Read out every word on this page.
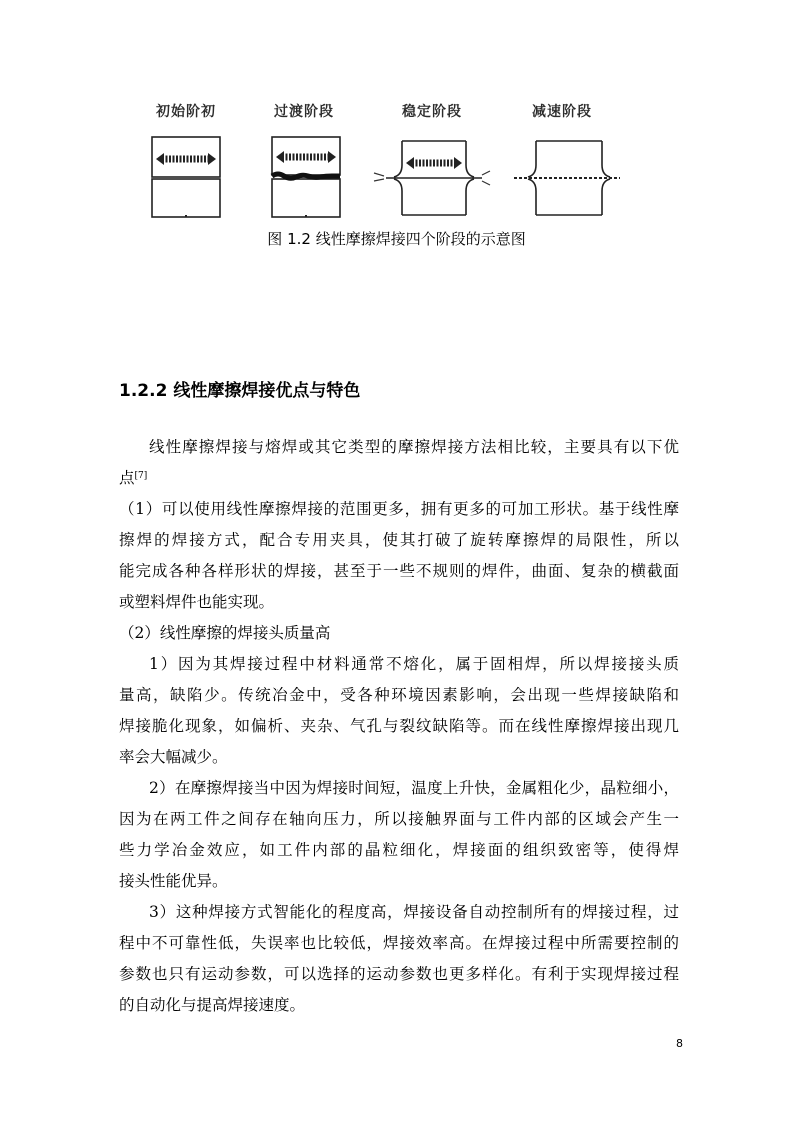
初始阶初	过渡阶段	稳定阶段	减速阶段
图 1.2 线性摩擦焊接四个阶段的示意图
1.2.2 线性摩擦焊接优点与特色
线性摩擦焊接与熔焊或其它类型的摩擦焊接方法相比较，主要具有以下优
点[7]
（1）可以使用线性摩擦焊接的范围更多，拥有更多的可加工形状。基于线性摩
擦焊的焊接方式，配合专用夹具，使其打破了旋转摩擦焊的局限性，所以
能完成各种各样形状的焊接，甚至于一些不规则的焊件，曲面、复杂的横截面
或塑料焊件也能实现。
（2）线性摩擦的焊接头质量高
1）因为其焊接过程中材料通常不熔化，属于固相焊，所以焊接接头质
量高，缺陷少。传统冶金中，受各种环境因素影响，会出现一些焊接缺陷和
焊接脆化现象，如偏析、夹杂、气孔与裂纹缺陷等。而在线性摩擦焊接出现几
率会大幅减少。
2）在摩擦焊接当中因为焊接时间短，温度上升快，金属粗化少，晶粒细小，
因为在两工件之间存在轴向压力，所以接触界面与工件内部的区域会产生一
些力学冶金效应，如工件内部的晶粒细化，焊接面的组织致密等，使得焊
接头性能优异。
3）这种焊接方式智能化的程度高，焊接设备自动控制所有的焊接过程，过
程中不可靠性低，失误率也比较低，焊接效率高。在焊接过程中所需要控制的
参数也只有运动参数，可以选择的运动参数也更多样化。有利于实现焊接过程
的自动化与提高焊接速度。
8
